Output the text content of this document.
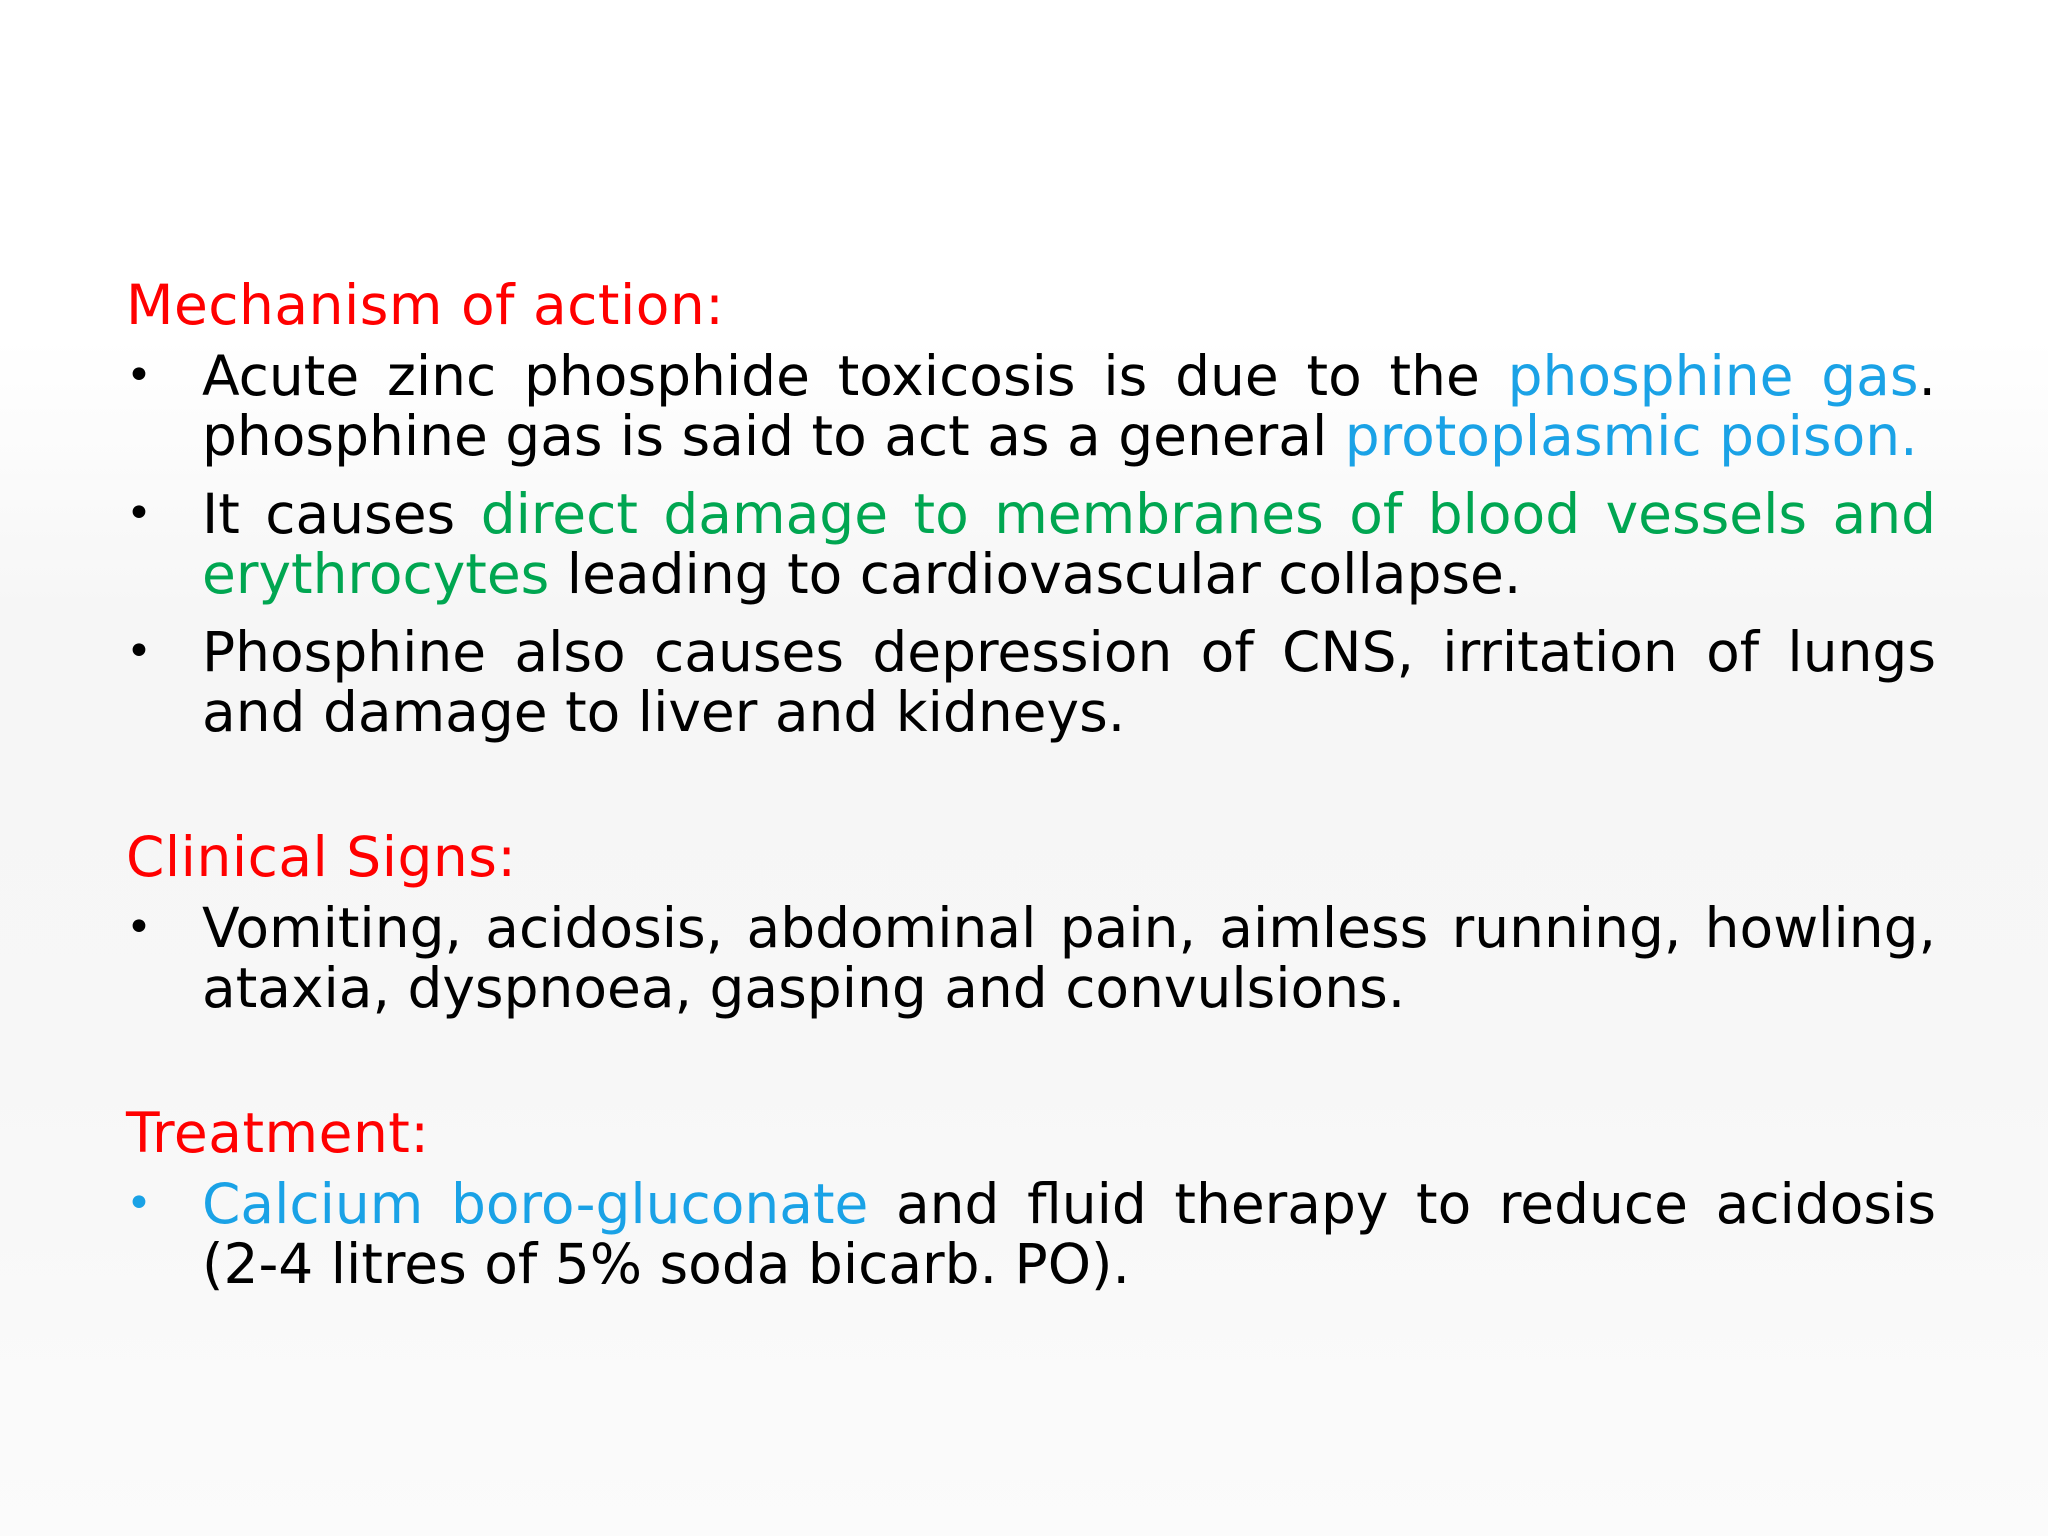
Mechanism of action:
• Acute zinc phosphide toxicosis is due to the phosphine gas. phosphine gas is said to act as a general protoplasmic poison.
• It causes direct damage to membranes of blood vessels and erythrocytes leading to cardiovascular collapse.
• Phosphine also causes depression of CNS, irritation of lungs and damage to liver and kidneys.
Clinical Signs:
• Vomiting, acidosis, abdominal pain, aimless running, howling, ataxia, dyspnoea, gasping and convulsions.
Treatment:
• Calcium boro-gluconate and fluid therapy to reduce acidosis (2-4 litres of 5% soda bicarb. PO).
